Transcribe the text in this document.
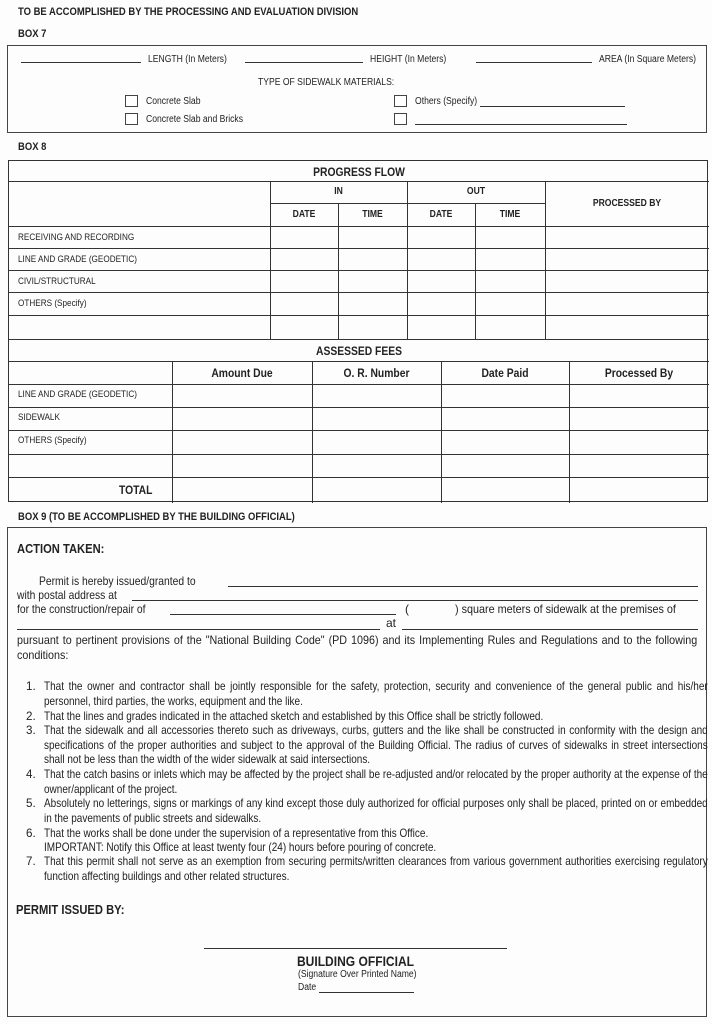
TO BE ACCOMPLISHED BY THE PROCESSING AND EVALUATION DIVISION
BOX 7
LENGTH (In Meters)	HEIGHT (In Meters)	AREA (In Square Meters)
TYPE OF SIDEWALK MATERIALS:
Concrete Slab
Concrete Slab and Bricks
Others (Specify)
BOX 8
PROGRESS FLOW
IN	OUT
PROCESSED BY
DATE	TIME	DATE	TIME
RECEIVING AND RECORDING
LINE AND GRADE (GEODETIC)
CIVIL/STRUCTURAL
OTHERS (Specify)
ASSESSED FEES
Amount Due	O. R. Number	Date Paid	Processed By
LINE AND GRADE (GEODETIC)
SIDEWALK
OTHERS (Specify)
TOTAL
BOX 9 (TO BE ACCOMPLISHED BY THE BUILDING OFFICIAL)
ACTION TAKEN:
Permit is hereby issued/granted to
with postal address at
for the construction/repair of	(	) square meters of sidewalk at the premises of
at
pursuant to pertinent provisions of the "National Building Code" (PD 1096) and its Implementing Rules and Regulations and to the following conditions:
1. That the owner and contractor shall be jointly responsible for the safety, protection, security and convenience of the general public and his/her personnel, third parties, the works, equipment and the like.
2. That the lines and grades indicated in the attached sketch and established by this Office shall be strictly followed.
3. That the sidewalk and all accessories thereto such as driveways, curbs, gutters and the like shall be constructed in conformity with the design and specifications of the proper authorities and subject to the approval of the Building Official. The radius of curves of sidewalks in street intersections shall not be less than the width of the wider sidewalk at said intersections.
4. That the catch basins or inlets which may be affected by the project shall be re-adjusted and/or relocated by the proper authority at the expense of the owner/applicant of the project.
5. Absolutely no letterings, signs or markings of any kind except those duly authorized for official purposes only shall be placed, printed on or embedded in the pavements of public streets and sidewalks.
6. That the works shall be done under the supervision of a representative from this Office.
IMPORTANT: Notify this Office at least twenty four (24) hours before pouring of concrete.
7. That this permit shall not serve as an exemption from securing permits/written clearances from various government authorities exercising regulatory function affecting buildings and other related structures.
PERMIT ISSUED BY:
BUILDING OFFICIAL
(Signature Over Printed Name)
Date
